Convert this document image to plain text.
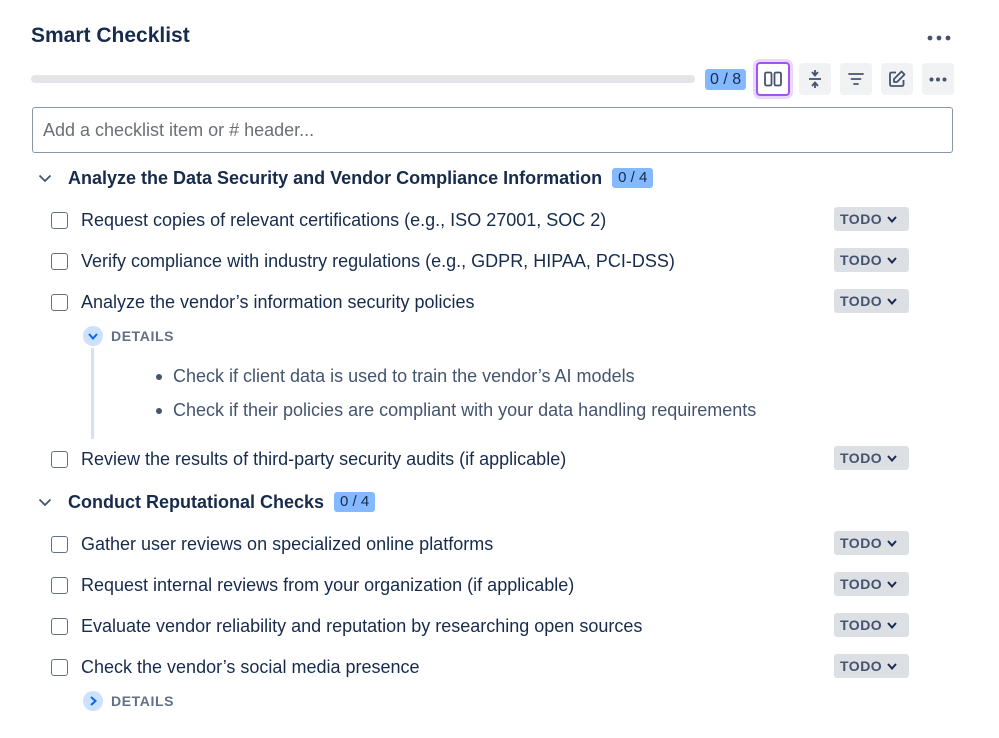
Smart Checklist
0 / 8
Add a checklist item or # header...
Analyze the Data Security and Vendor Compliance Information	0 / 4
Request copies of relevant certifications (e.g., ISO 27001, SOC 2)	TODO
Verify compliance with industry regulations (e.g., GDPR, HIPAA, PCI-DSS)	TODO
Analyze the vendor’s information security policies	TODO
DETAILS
Check if client data is used to train the vendor’s AI models
Check if their policies are compliant with your data handling requirements
Review the results of third-party security audits (if applicable)	TODO
Conduct Reputational Checks	0 / 4
Gather user reviews on specialized online platforms	TODO
Request internal reviews from your organization (if applicable)	TODO
Evaluate vendor reliability and reputation by researching open sources	TODO
Check the vendor’s social media presence	TODO
DETAILS
